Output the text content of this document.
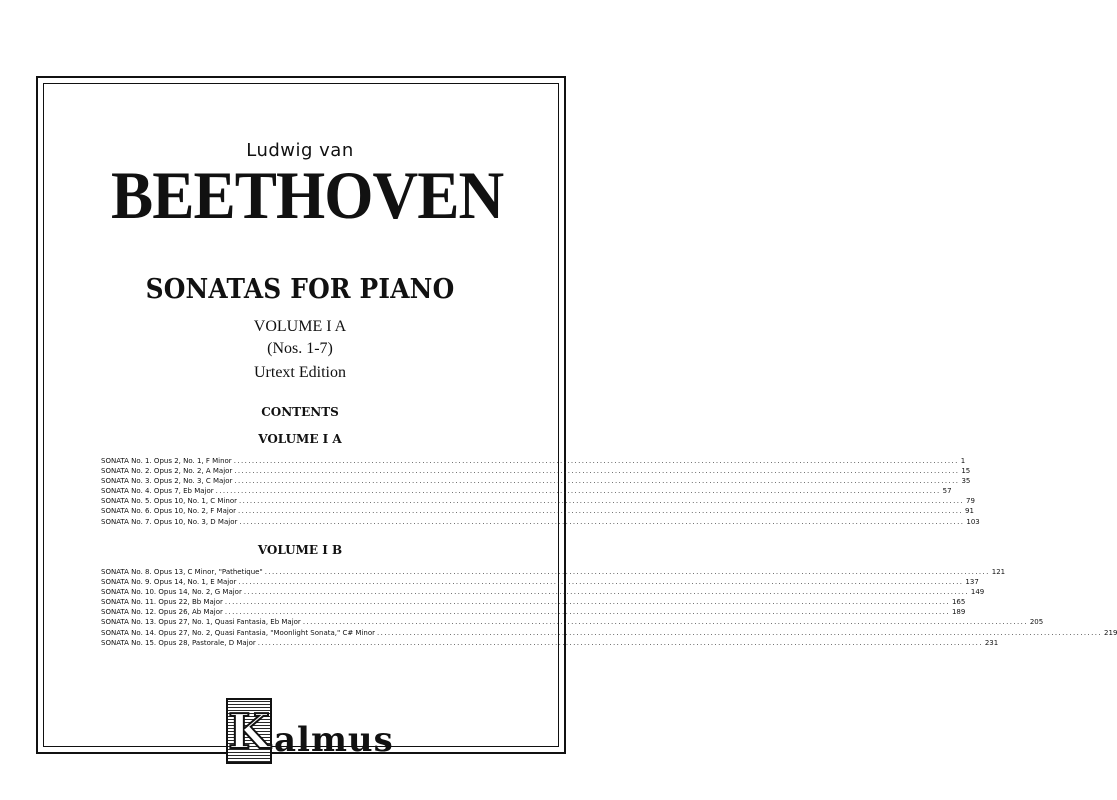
Ludwig van
BEETHOVEN
SONATAS FOR PIANO
VOLUME I A
(Nos. 1-7)
Urtext Edition
CONTENTS
VOLUME I A
SONATA No. 1. Opus 2, No. 1, F Minor ........................................................................................................................................................................................................ 1
SONATA No. 2. Opus 2, No. 2, A Major ........................................................................................................................................................................................................ 15
SONATA No. 3. Opus 2, No. 3, C Major ........................................................................................................................................................................................................ 35
SONATA No. 4. Opus 7, Eb Major ........................................................................................................................................................................................................ 57
SONATA No. 5. Opus 10, No. 1, C Minor ........................................................................................................................................................................................................ 79
SONATA No. 6. Opus 10, No. 2, F Major ........................................................................................................................................................................................................ 91
SONATA No. 7. Opus 10, No. 3, D Major ........................................................................................................................................................................................................ 103
VOLUME I B
SONATA No. 8. Opus 13, C Minor, "Pathetique" ........................................................................................................................................................................................................ 121
SONATA No. 9. Opus 14, No. 1, E Major ........................................................................................................................................................................................................ 137
SONATA No. 10. Opus 14, No. 2, G Major ........................................................................................................................................................................................................ 149
SONATA No. 11. Opus 22, Bb Major ........................................................................................................................................................................................................ 165
SONATA No. 12. Opus 26, Ab Major ........................................................................................................................................................................................................ 189
SONATA No. 13. Opus 27, No. 1, Quasi Fantasia, Eb Major ........................................................................................................................................................................................................ 205
SONATA No. 14. Opus 27, No. 2, Quasi Fantasia, "Moonlight Sonata," C# Minor ........................................................................................................................................................................................................ 219
SONATA No. 15. Opus 28, Pastorale, D Major ........................................................................................................................................................................................................ 231
K almus
